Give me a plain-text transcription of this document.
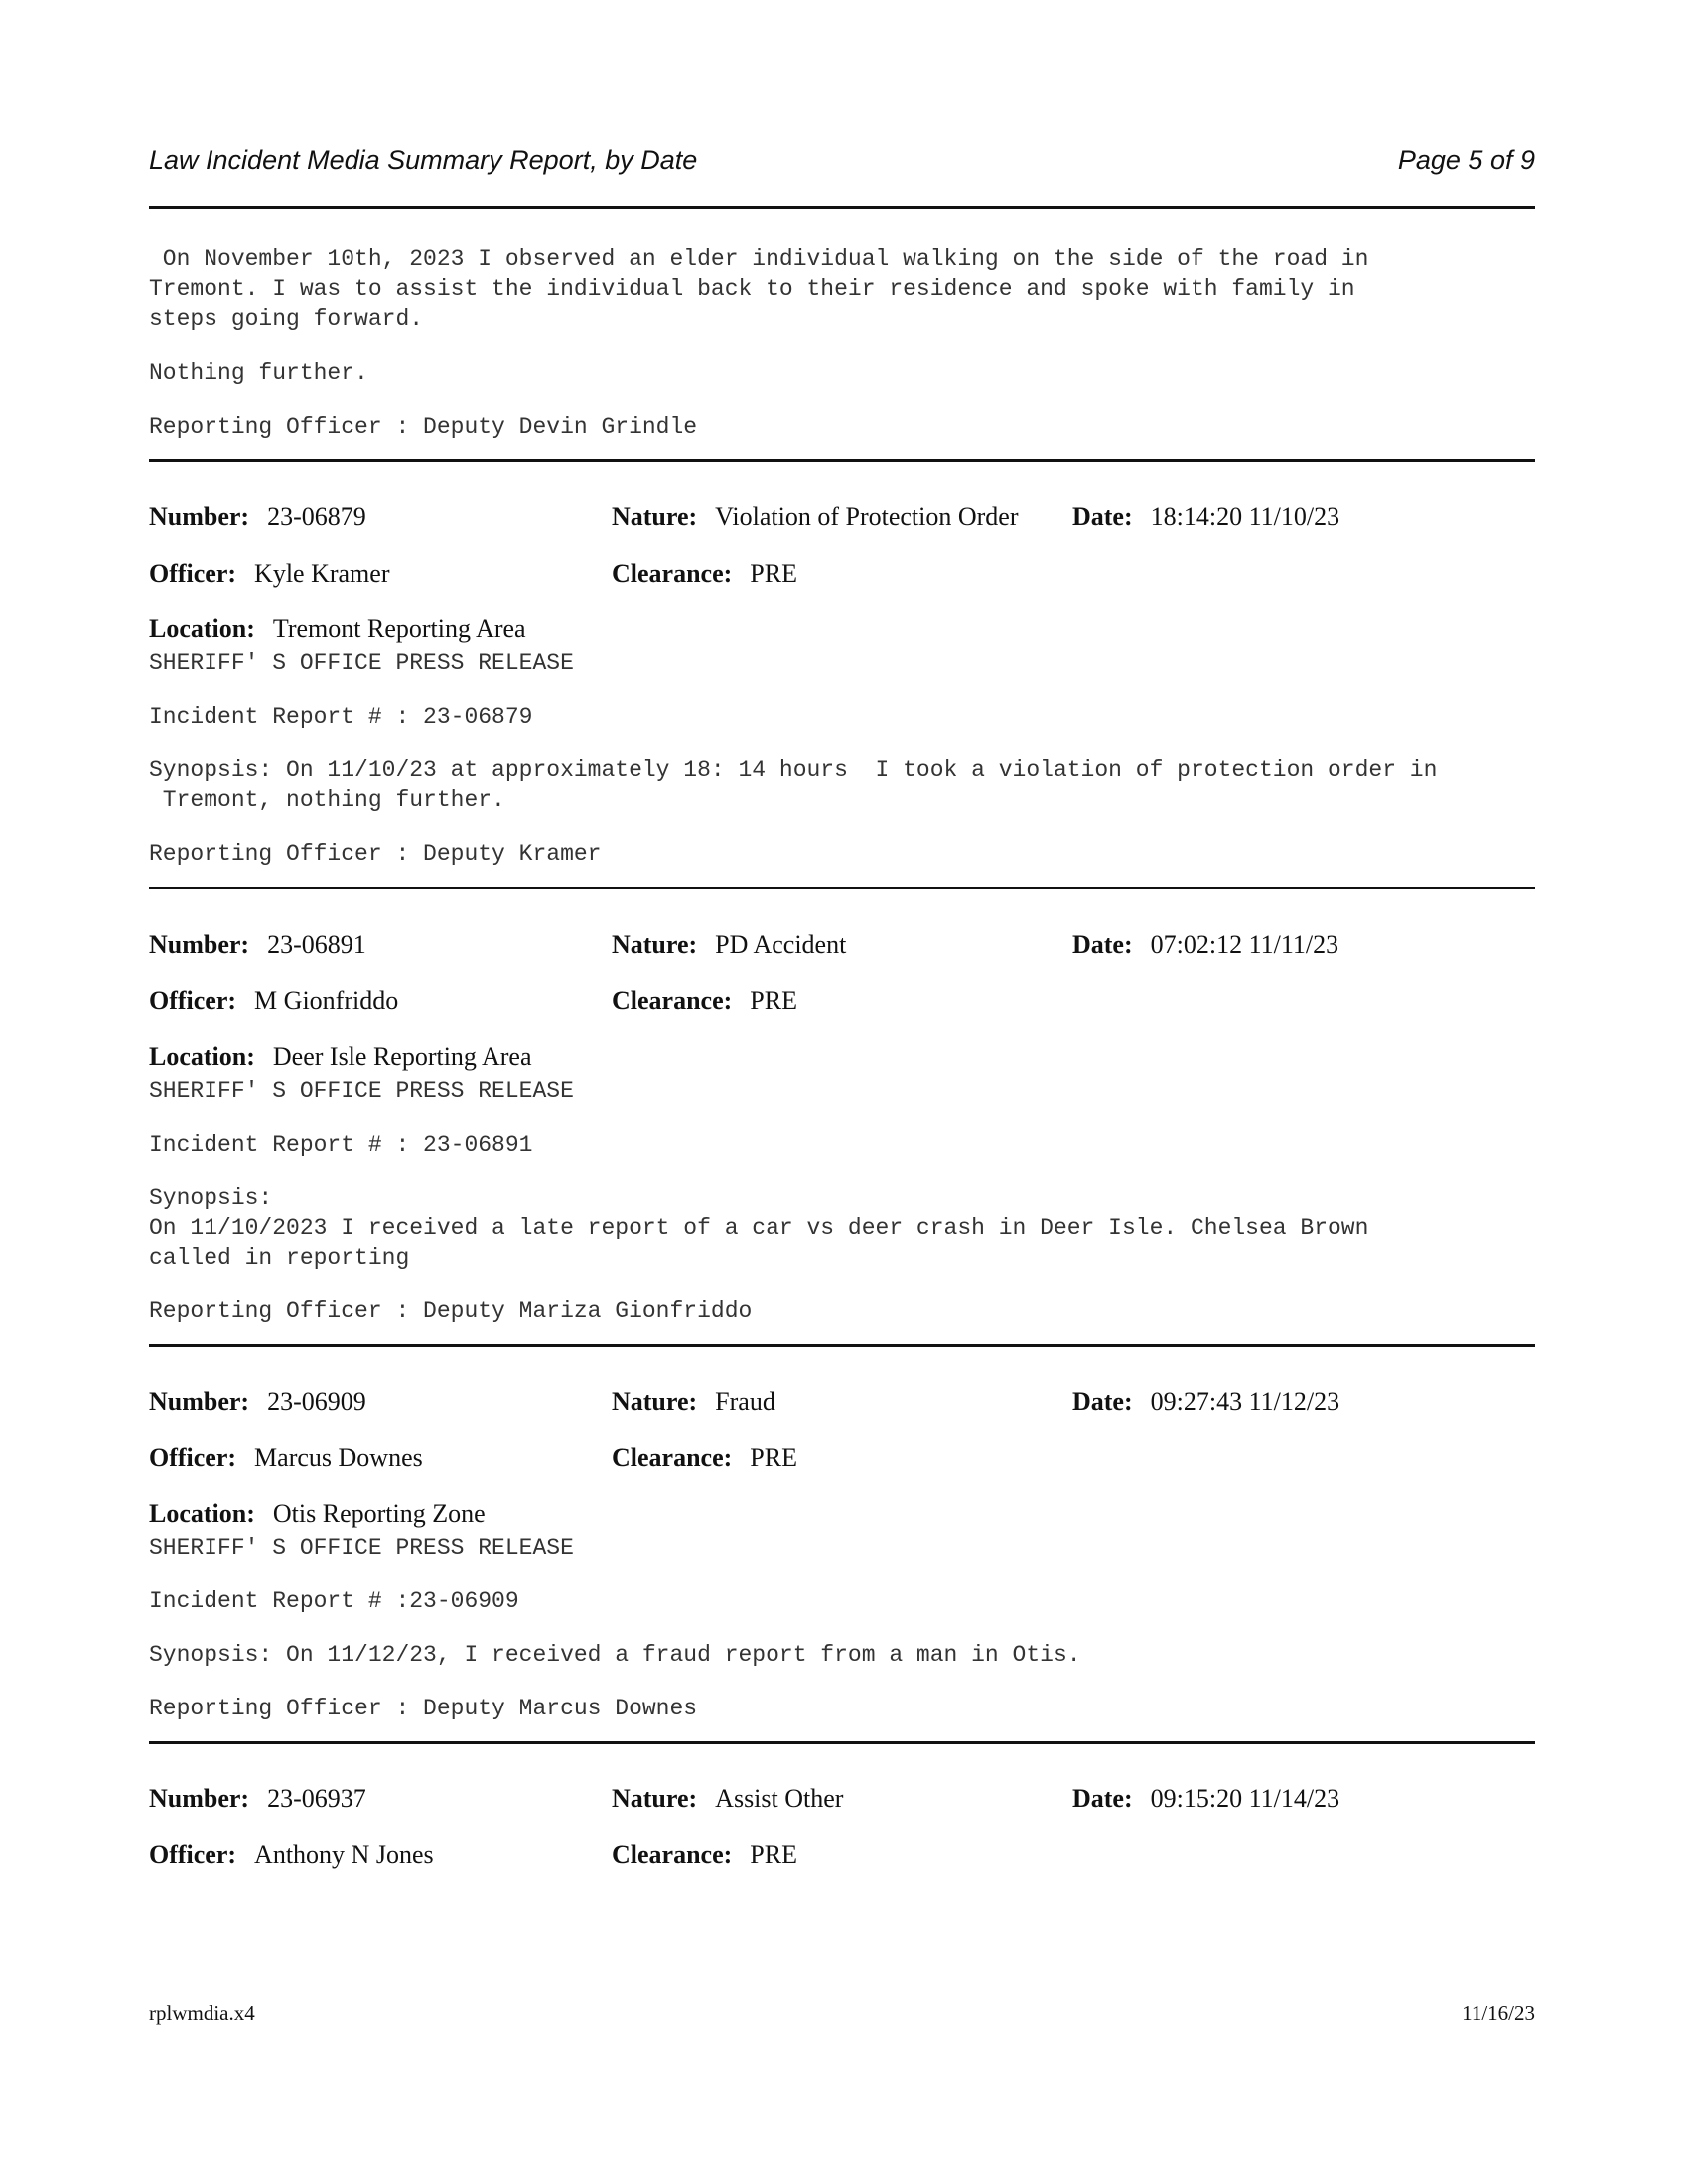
Law Incident Media Summary Report, by Date	Page 5 of 9
On November 10th, 2023 I observed an elder individual walking on the side of the road in
Tremont. I was to assist the individual back to their residence and spoke with family in
steps going forward.
Nothing further.
Reporting Officer : Deputy Devin Grindle
Number: 23-06879	Nature: Violation of Protection Order Date: 18:14:20 11/10/23
Officer: Kyle Kramer	Clearance: PRE
Location: Tremont Reporting Area
SHERIFF' S OFFICE PRESS RELEASE
Incident Report # : 23-06879
Synopsis: On 11/10/23 at approximately 18: 14 hours  I took a violation of protection order in
Tremont, nothing further.
Reporting Officer : Deputy Kramer
Number: 23-06891	Nature: PD Accident	Date: 07:02:12 11/11/23
Officer: M Gionfriddo	Clearance: PRE
Location: Deer Isle Reporting Area
SHERIFF' S OFFICE PRESS RELEASE
Incident Report # : 23-06891
Synopsis:
On 11/10/2023 I received a late report of a car vs deer crash in Deer Isle. Chelsea Brown
called in reporting
Reporting Officer : Deputy Mariza Gionfriddo
Number: 23-06909	Nature: Fraud	Date: 09:27:43 11/12/23
Officer: Marcus Downes	Clearance: PRE
Location: Otis Reporting Zone
SHERIFF' S OFFICE PRESS RELEASE
Incident Report # :23-06909
Synopsis: On 11/12/23, I received a fraud report from a man in Otis.
Reporting Officer : Deputy Marcus Downes
Number: 23-06937	Nature: Assist Other	Date: 09:15:20 11/14/23
Officer: Anthony N Jones	Clearance: PRE
rplwmdia.x4	11/16/23
